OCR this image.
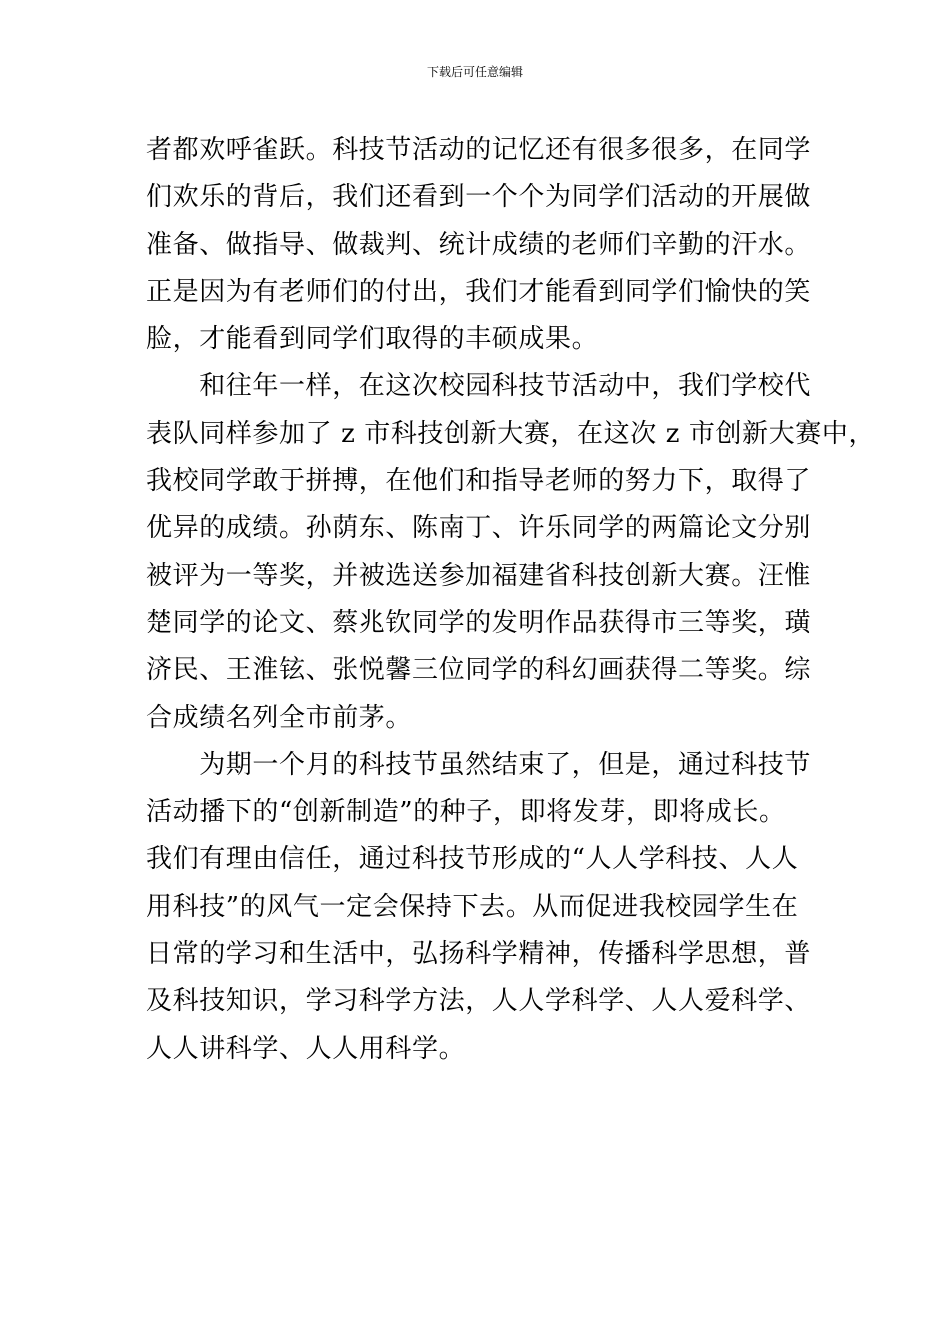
下载后可任意编辑
者都欢呼雀跃。科技节活动的记忆还有很多很多，在同学
们欢乐的背后，我们还看到一个个为同学们活动的开展做
准备、做指导、做裁判、统计成绩的老师们辛勤的汗水。
正是因为有老师们的付出，我们才能看到同学们愉快的笑
脸，才能看到同学们取得的丰硕成果。
　　和往年一样，在这次校园科技节活动中，我们学校代
表队同样参加了 z 市科技创新大赛，在这次 z 市创新大赛中，
我校同学敢于拼搏，在他们和指导老师的努力下，取得了
优异的成绩。孙荫东、陈南丁、许乐同学的两篇论文分别
被评为一等奖，并被选送参加福建省科技创新大赛。汪惟
楚同学的论文、蔡兆钦同学的发明作品获得市三等奖，璜
济民、王淮铉、张悦馨三位同学的科幻画获得二等奖。综
合成绩名列全市前茅。
　　为期一个月的科技节虽然结束了，但是，通过科技节
活动播下的“创新制造”的种子，即将发芽，即将成长。
我们有理由信任，通过科技节形成的“人人学科技、人人
用科技”的风气一定会保持下去。从而促进我校园学生在
日常的学习和生活中，弘扬科学精神，传播科学思想，普
及科技知识，学习科学方法，人人学科学、人人爱科学、
人人讲科学、人人用科学。
